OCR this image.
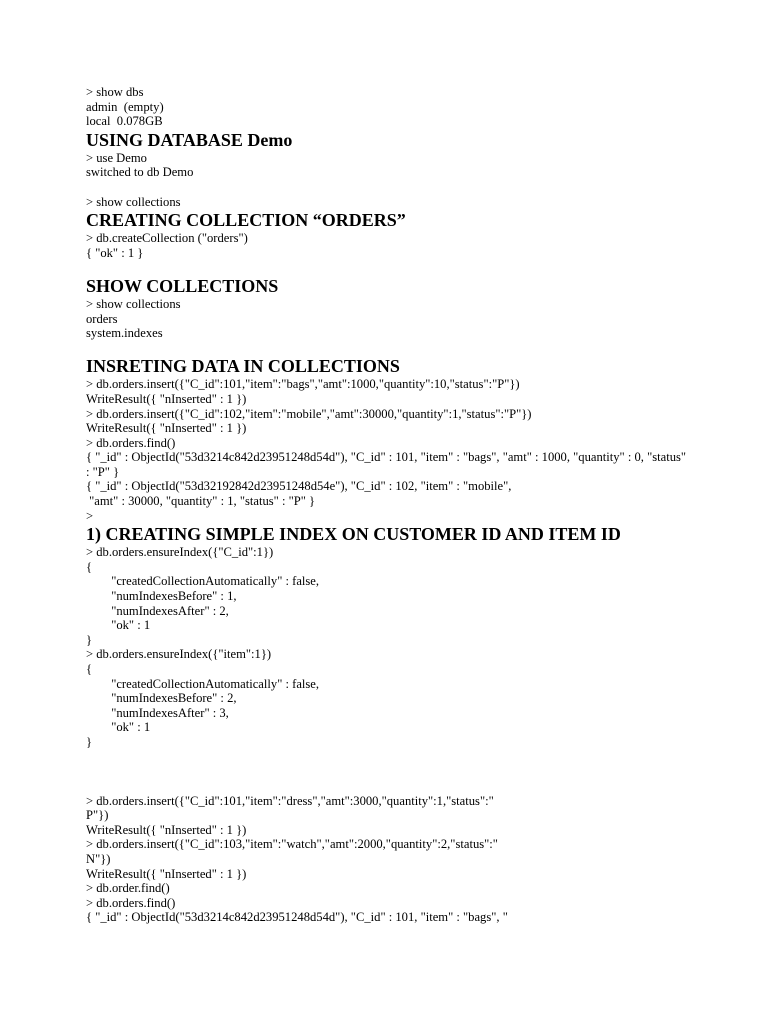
> show dbs
admin  (empty)
local  0.078GB
USING DATABASE Demo
> use Demo
switched to db Demo
> show collections
CREATING COLLECTION “ORDERS”
> db.createCollection ("orders")
{ "ok" : 1 }
SHOW COLLECTIONS
> show collections
orders
system.indexes
INSRETING DATA IN COLLECTIONS
> db.orders.insert({"C_id":101,"item":"bags","amt":1000,"quantity":10,"status":"P"})
WriteResult({ "nInserted" : 1 })
> db.orders.insert({"C_id":102,"item":"mobile","amt":30000,"quantity":1,"status":"P"})
WriteResult({ "nInserted" : 1 })
> db.orders.find()
{ "_id" : ObjectId("53d3214c842d23951248d54d"), "C_id" : 101, "item" : "bags", "amt" : 1000, "quantity" : 0, "status"
: "P" }
{ "_id" : ObjectId("53d32192842d23951248d54e"), "C_id" : 102, "item" : "mobile",
"amt" : 30000, "quantity" : 1, "status" : "P" }
>
1) CREATING SIMPLE INDEX ON CUSTOMER ID AND ITEM ID
> db.orders.ensureIndex({"C_id":1})
{
"createdCollectionAutomatically" : false,
"numIndexesBefore" : 1,
"numIndexesAfter" : 2,
"ok" : 1
}
> db.orders.ensureIndex({"item":1})
{
"createdCollectionAutomatically" : false,
"numIndexesBefore" : 2,
"numIndexesAfter" : 3,
"ok" : 1
}
> db.orders.insert({"C_id":101,"item":"dress","amt":3000,"quantity":1,"status":"
P"})
WriteResult({ "nInserted" : 1 })
> db.orders.insert({"C_id":103,"item":"watch","amt":2000,"quantity":2,"status":"
N"})
WriteResult({ "nInserted" : 1 })
> db.order.find()
> db.orders.find()
{ "_id" : ObjectId("53d3214c842d23951248d54d"), "C_id" : 101, "item" : "bags", "
